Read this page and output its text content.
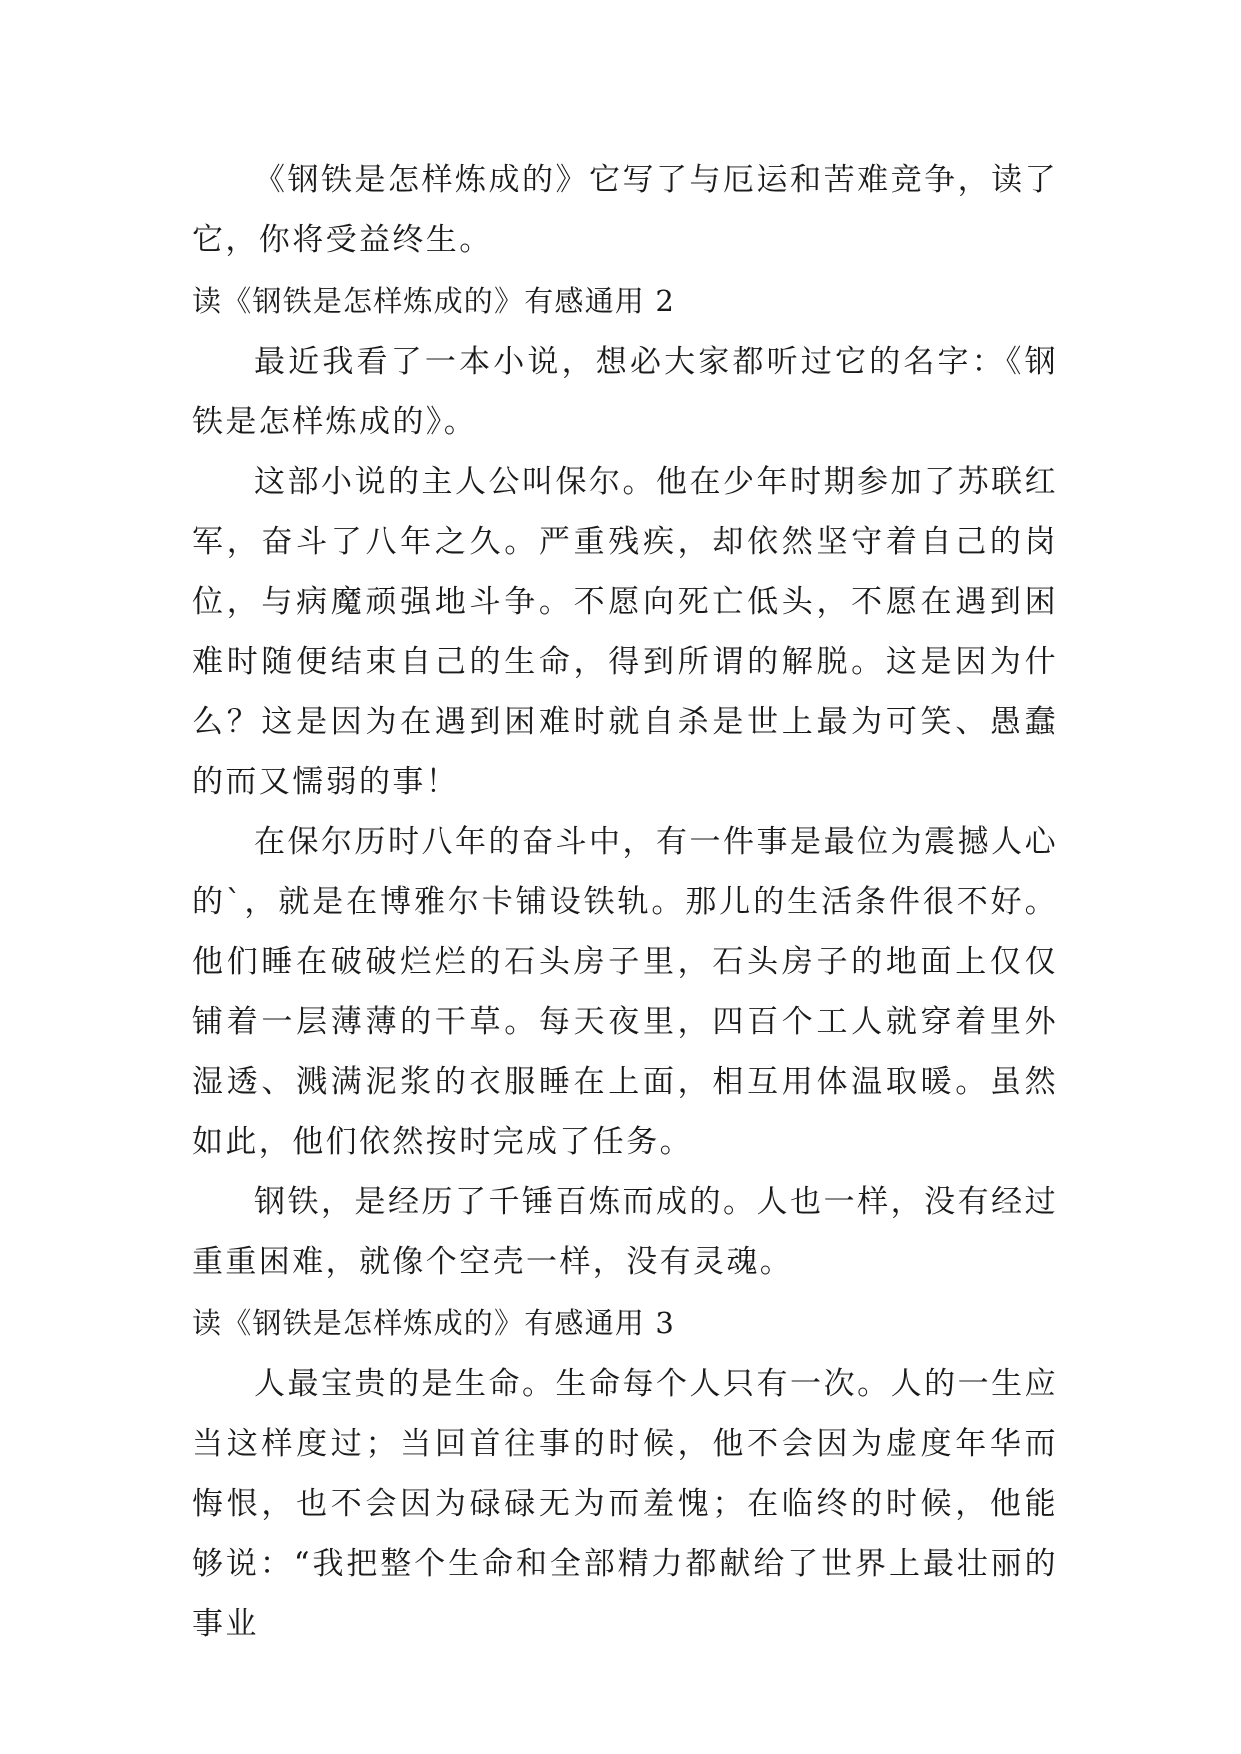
《钢铁是怎样炼成的》它写了与厄运和苦难竞争，读了它，你将受益终生。

读《钢铁是怎样炼成的》有感通用 2

最近我看了一本小说，想必大家都听过它的名字：《钢铁是怎样炼成的》。

这部小说的主人公叫保尔。他在少年时期参加了苏联红军，奋斗了八年之久。严重残疾，却依然坚守着自己的岗位，与病魔顽强地斗争。不愿向死亡低头，不愿在遇到困难时随便结束自己的生命，得到所谓的解脱。这是因为什么？这是因为在遇到困难时就自杀是世上最为可笑、愚蠢的而又懦弱的事！

在保尔历时八年的奋斗中，有一件事是最位为震撼人心的`，就是在博雅尔卡铺设铁轨。那儿的生活条件很不好。他们睡在破破烂烂的石头房子里，石头房子的地面上仅仅铺着一层薄薄的干草。每天夜里，四百个工人就穿着里外湿透、溅满泥浆的衣服睡在上面，相互用体温取暖。虽然如此，他们依然按时完成了任务。

钢铁，是经历了千锤百炼而成的。人也一样，没有经过重重困难，就像个空壳一样，没有灵魂。

读《钢铁是怎样炼成的》有感通用 3

人最宝贵的是生命。生命每个人只有一次。人的一生应当这样度过；当回首往事的时候，他不会因为虚度年华而悔恨，也不会因为碌碌无为而羞愧；在临终的时候，他能够说：“我把整个生命和全部精力都献给了世界上最壮丽的事业
